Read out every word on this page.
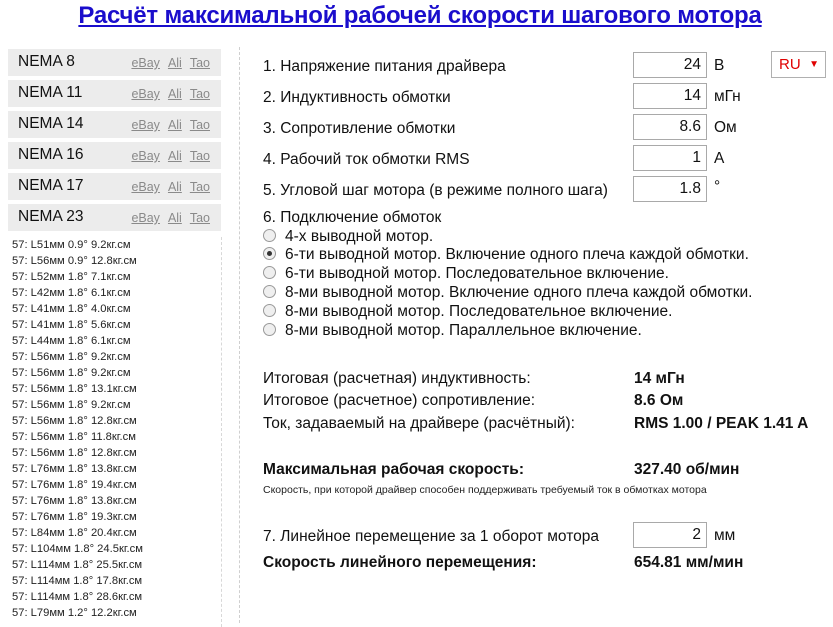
Расчёт максимальной рабочей скорости шагового мотора
NEMA 8	eBay Ali Tao
NEMA 11	eBay Ali Tao
NEMA 14	eBay Ali Tao
NEMA 16	eBay Ali Tao
NEMA 17	eBay Ali Tao
NEMA 23	eBay Ali Tao
57: L51мм 0.9° 9.2кг.см
57: L56мм 0.9° 12.8кг.см
57: L52мм 1.8° 7.1кг.см
57: L42мм 1.8° 6.1кг.см
57: L41мм 1.8° 4.0кг.см
57: L41мм 1.8° 5.6кг.см
57: L44мм 1.8° 6.1кг.см
57: L56мм 1.8° 9.2кг.см
57: L56мм 1.8° 9.2кг.см
57: L56мм 1.8° 13.1кг.см
57: L56мм 1.8° 9.2кг.см
57: L56мм 1.8° 12.8кг.см
57: L56мм 1.8° 11.8кг.см
57: L56мм 1.8° 12.8кг.см
57: L76мм 1.8° 13.8кг.см
57: L76мм 1.8° 19.4кг.см
57: L76мм 1.8° 13.8кг.см
57: L76мм 1.8° 19.3кг.см
57: L84мм 1.8° 20.4кг.см
57: L104мм 1.8° 24.5кг.см
57: L114мм 1.8° 25.5кг.см
57: L114мм 1.8° 17.8кг.см
57: L114мм 1.8° 28.6кг.см
57: L79мм 1.2° 12.2кг.см
1. Напряжение питания драйвера
24	В	RU ▼
2. Индуктивность обмотки
14	мГн
3. Сопротивление обмотки
8.6	Ом
4. Рабочий ток обмотки RMS
1	А
5. Угловой шаг мотора (в режиме полного шага)
1.8	°
6. Подключение обмоток
4-х выводной мотор.
6-ти выводной мотор. Включение одного плеча каждой обмотки.
6-ти выводной мотор. Последовательное включение.
8-ми выводной мотор. Включение одного плеча каждой обмотки.
8-ми выводной мотор. Последовательное включение.
8-ми выводной мотор. Параллельное включение.
Итоговая (расчетная) индуктивность:	14 мГн
Итоговое (расчетное) сопротивление:	8.6 Ом
Ток, задаваемый на драйвере (расчётный):	RMS 1.00 / PEAK 1.41 A
Максимальная рабочая скорость:	327.40 об/мин
Скорость, при которой драйвер способен поддерживать требуемый ток в обмотках мотора
7. Линейное перемещение за 1 оборот мотора
2	мм
Скорость линейного перемещения:	654.81 мм/мин
